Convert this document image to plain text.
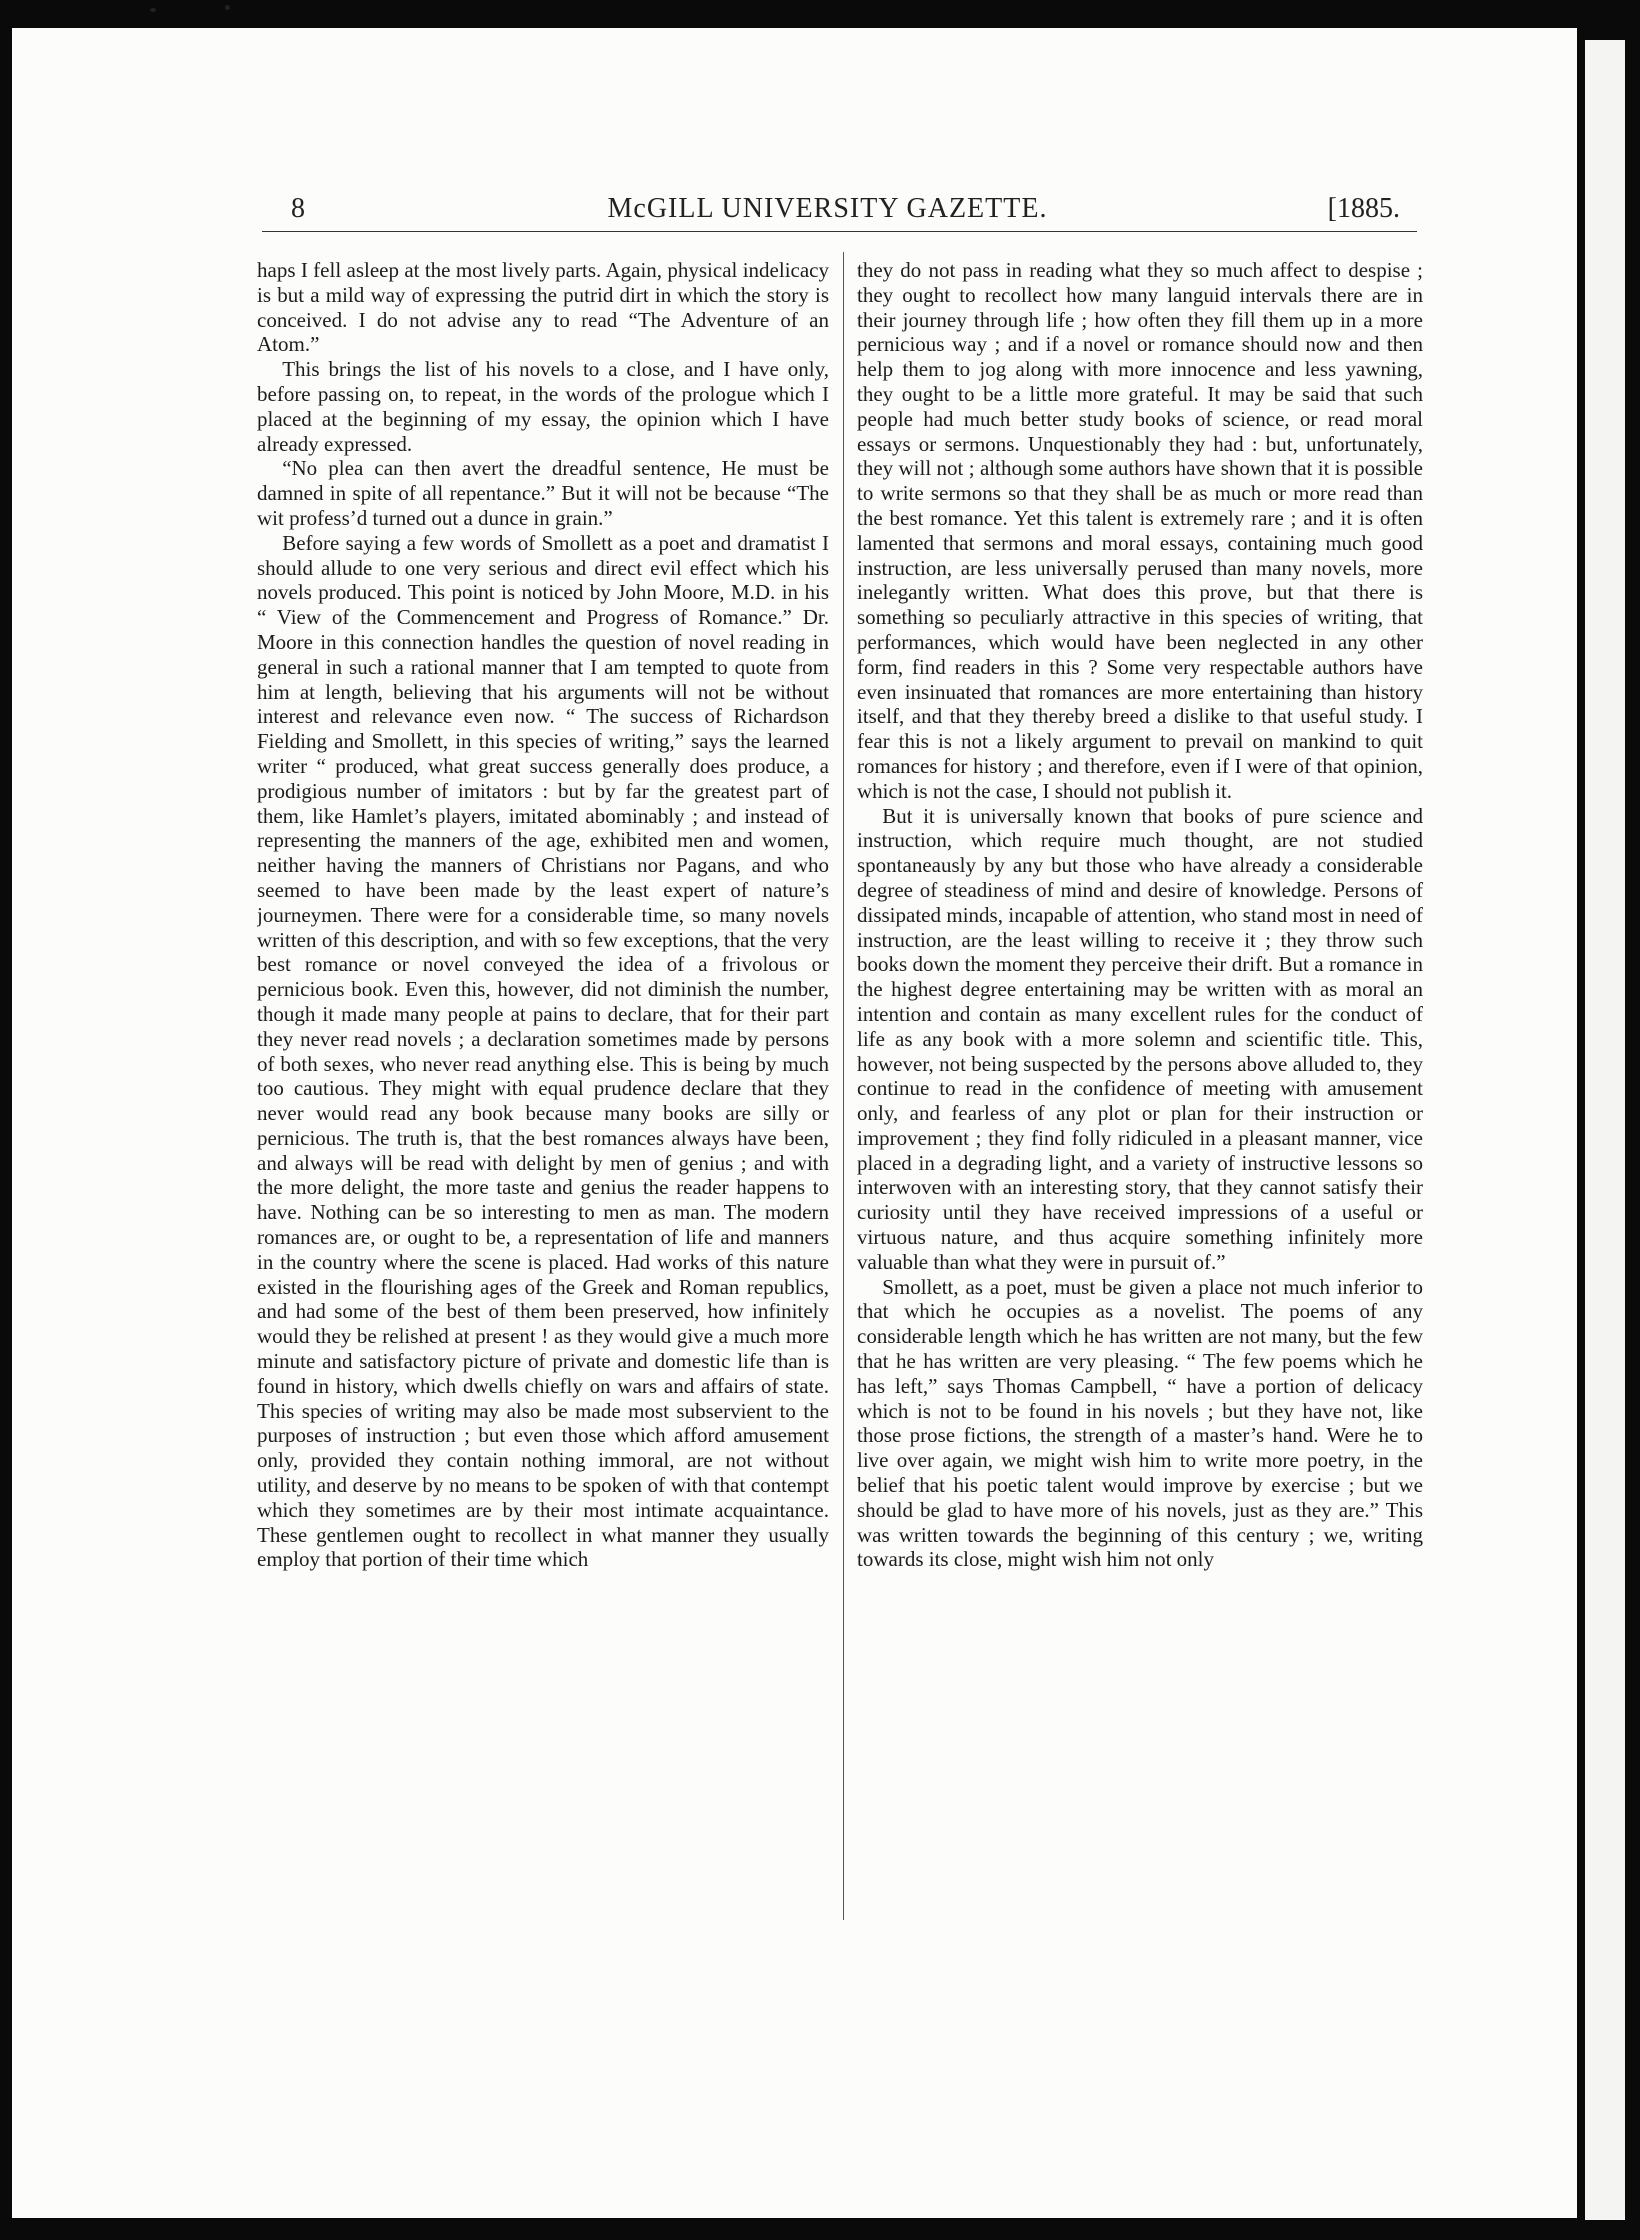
8	McGILL UNIVERSITY GAZETTE.	[1885.

haps I fell asleep at the most lively parts. Again, physical indelicacy is but a mild way of expressing the putrid dirt in which the story is conceived. I do not advise any to read “The Adventure of an Atom.”

This brings the list of his novels to a close, and I have only, before passing on, to repeat, in the words of the prologue which I placed at the beginning of my essay, the opinion which I have already expressed.

“No plea can then avert the dreadful sentence, He must be damned in spite of all repentance.” But it will not be because “The wit profess’d turned out a dunce in grain.”

Before saying a few words of Smollett as a poet and dramatist I should allude to one very serious and direct evil effect which his novels produced. This point is noticed by John Moore, M.D. in his “ View of the Commencement and Progress of Romance.” Dr. Moore in this connection handles the question of novel reading in general in such a rational manner that I am tempted to quote from him at length, believing that his arguments will not be without interest and relevance even now. “ The success of Richardson Fielding and Smollett, in this species of writing,” says the learned writer “ produced, what great success generally does produce, a prodigious number of imitators : but by far the greatest part of them, like Hamlet’s players, imitated abominably ; and instead of representing the manners of the age, exhibited men and women, neither having the manners of Christians nor Pagans, and who seemed to have been made by the least expert of nature’s journeymen. There were for a considerable time, so many novels written of this description, and with so few exceptions, that the very best romance or novel conveyed the idea of a frivolous or pernicious book. Even this, however, did not diminish the number, though it made many people at pains to declare, that for their part they never read novels ; a declaration sometimes made by persons of both sexes, who never read anything else. This is being by much too cautious. They might with equal prudence declare that they never would read any book because many books are silly or pernicious. The truth is, that the best romances always have been, and always will be read with delight by men of genius ; and with the more delight, the more taste and genius the reader happens to have. Nothing can be so interesting to men as man. The modern romances are, or ought to be, a representation of life and manners in the country where the scene is placed. Had works of this nature existed in the flourishing ages of the Greek and Roman republics, and had some of the best of them been preserved, how infinitely would they be relished at present ! as they would give a much more minute and satisfactory picture of private and domestic life than is found in history, which dwells chiefly on wars and affairs of state. This species of writing may also be made most subservient to the purposes of instruction ; but even those which afford amusement only, provided they contain nothing immoral, are not without utility, and deserve by no means to be spoken of with that contempt which they sometimes are by their most intimate acquaintance. These gentlemen ought to recollect in what manner they usually employ that portion of their time which

they do not pass in reading what they so much affect to despise ; they ought to recollect how many languid intervals there are in their journey through life ; how often they fill them up in a more pernicious way ; and if a novel or romance should now and then help them to jog along with more innocence and less yawning, they ought to be a little more grateful. It may be said that such people had much better study books of science, or read moral essays or sermons. Unquestionably they had : but, unfortunately, they will not ; although some authors have shown that it is possible to write sermons so that they shall be as much or more read than the best romance. Yet this talent is extremely rare ; and it is often lamented that sermons and moral essays, containing much good instruction, are less universally perused than many novels, more inelegantly written. What does this prove, but that there is something so peculiarly attractive in this species of writing, that performances, which would have been neglected in any other form, find readers in this ? Some very respectable authors have even insinuated that romances are more entertaining than history itself, and that they thereby breed a dislike to that useful study. I fear this is not a likely argument to prevail on mankind to quit romances for history ; and therefore, even if I were of that opinion, which is not the case, I should not publish it.

But it is universally known that books of pure science and instruction, which require much thought, are not studied spontaneausly by any but those who have already a considerable degree of steadiness of mind and desire of knowledge. Persons of dissipated minds, incapable of attention, who stand most in need of instruction, are the least willing to receive it ; they throw such books down the moment they perceive their drift. But a romance in the highest degree entertaining may be written with as moral an intention and contain as many excellent rules for the conduct of life as any book with a more solemn and scientific title. This, however, not being suspected by the persons above alluded to, they continue to read in the confidence of meeting with amusement only, and fearless of any plot or plan for their instruction or improvement ; they find folly ridiculed in a pleasant manner, vice placed in a degrading light, and a variety of instructive lessons so interwoven with an interesting story, that they cannot satisfy their curiosity until they have received impressions of a useful or virtuous nature, and thus acquire something infinitely more valuable than what they were in pursuit of.”

Smollett, as a poet, must be given a place not much inferior to that which he occupies as a novelist. The poems of any considerable length which he has written are not many, but the few that he has written are very pleasing. “ The few poems which he has left,” says Thomas Campbell, “ have a portion of delicacy which is not to be found in his novels ; but they have not, like those prose fictions, the strength of a master’s hand. Were he to live over again, we might wish him to write more poetry, in the belief that his poetic talent would improve by exercise ; but we should be glad to have more of his novels, just as they are.” This was written towards the beginning of this century ; we, writing towards its close, might wish him not only
